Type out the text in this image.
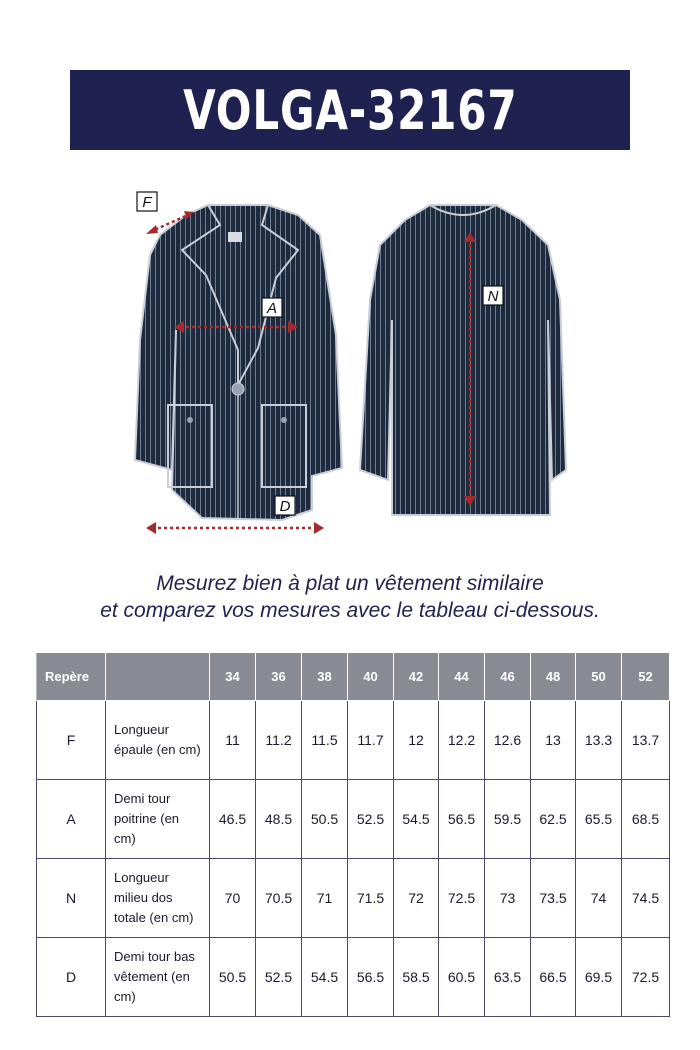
VOLGA-32167
F
A
D
N
Mesurez bien à plat un vêtement similaire
et comparez vos mesures avec le tableau ci-dessous.
Repère		34	36	38	40	42	44	46	48	50	52
F	Longueur épaule (en cm)	11	11.2	11.5	11.7	12	12.2	12.6	13	13.3	13.7
A	Demi tour poitrine (en cm)	46.5	48.5	50.5	52.5	54.5	56.5	59.5	62.5	65.5	68.5
N	Longueur milieu dos totale (en cm)	70	70.5	71	71.5	72	72.5	73	73.5	74	74.5
D	Demi tour bas vêtement (en cm)	50.5	52.5	54.5	56.5	58.5	60.5	63.5	66.5	69.5	72.5
